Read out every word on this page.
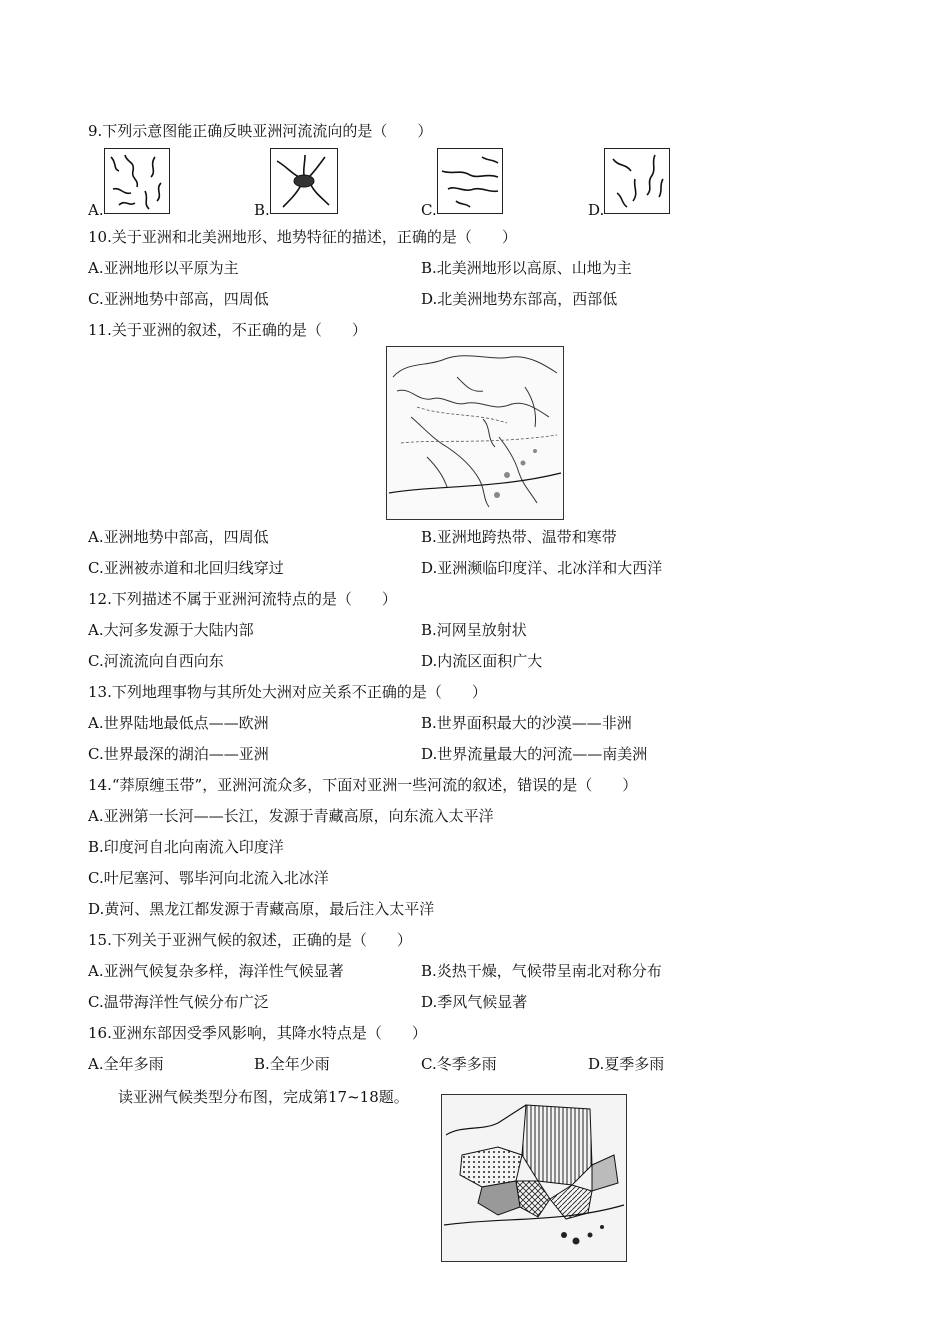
9.下列示意图能正确反映亚洲河流流向的是（　　）
A.	B.	C.	D.
10.关于亚洲和北美洲地形、地势特征的描述，正确的是（　　）
A.亚洲地形以平原为主	B.北美洲地形以高原、山地为主
C.亚洲地势中部高，四周低	D.北美洲地势东部高，西部低
11.关于亚洲的叙述，不正确的是（　　）
A.亚洲地势中部高，四周低	B.亚洲地跨热带、温带和寒带
C.亚洲被赤道和北回归线穿过	D.亚洲濒临印度洋、北冰洋和大西洋
12.下列描述不属于亚洲河流特点的是（　　）
A.大河多发源于大陆内部	B.河网呈放射状
C.河流流向自西向东	D.内流区面积广大
13.下列地理事物与其所处大洲对应关系不正确的是（　　）
A.世界陆地最低点——欧洲	B.世界面积最大的沙漠——非洲
C.世界最深的湖泊——亚洲	D.世界流量最大的河流——南美洲
14.“莽原缠玉带”，亚洲河流众多，下面对亚洲一些河流的叙述，错误的是（　　）
A.亚洲第一长河——长江，发源于青藏高原，向东流入太平洋
B.印度河自北向南流入印度洋
C.叶尼塞河、鄂毕河向北流入北冰洋
D.黄河、黑龙江都发源于青藏高原，最后注入太平洋
15.下列关于亚洲气候的叙述，正确的是（　　）
A.亚洲气候复杂多样，海洋性气候显著	B.炎热干燥，气候带呈南北对称分布
C.温带海洋性气候分布广泛	D.季风气候显著
16.亚洲东部因受季风影响，其降水特点是（　　）
A.全年多雨	B.全年少雨	C.冬季多雨	D.夏季多雨
读亚洲气候类型分布图，完成第17~18题。
